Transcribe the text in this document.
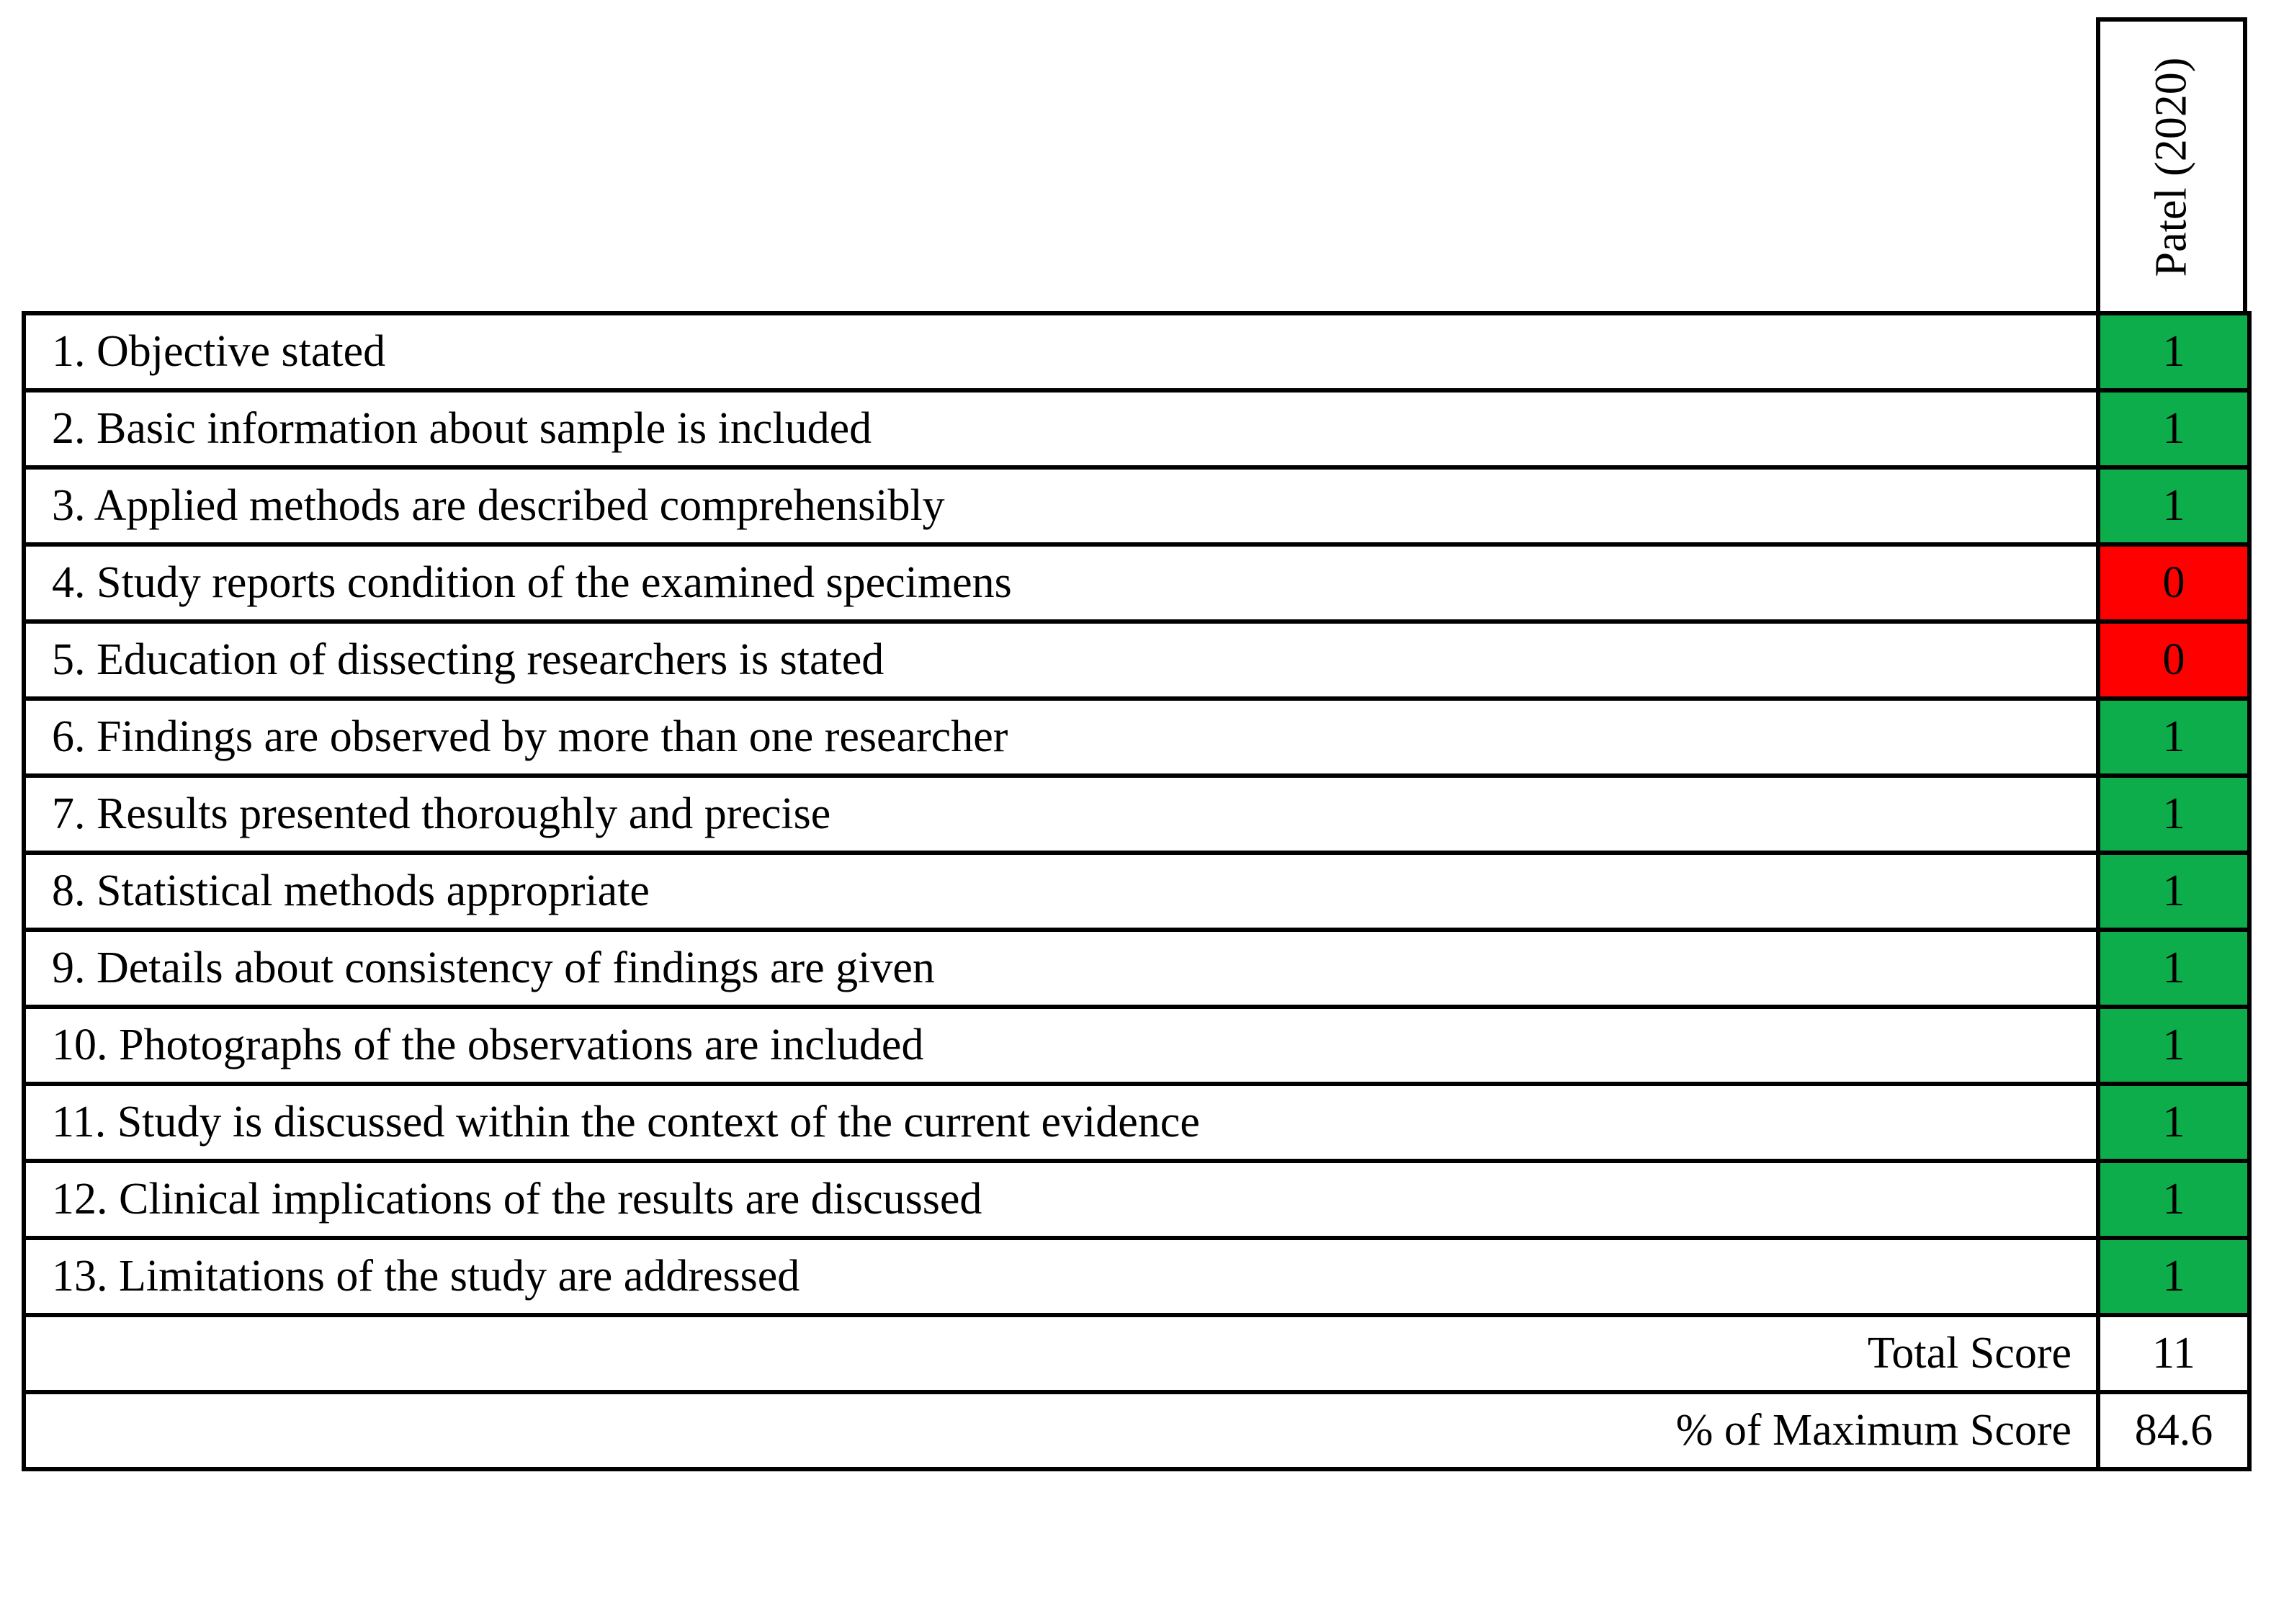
Patel (2020)
1. Objective stated	1
2. Basic information about sample is included	1
3. Applied methods are described comprehensibly	1
4. Study reports condition of the examined specimens	0
5. Education of dissecting researchers is stated	0
6. Findings are observed by more than one researcher	1
7. Results presented thoroughly and precise	1
8. Statistical methods appropriate	1
9. Details about consistency of findings are given	1
10. Photographs of the observations are included	1
11. Study is discussed within the context of the current evidence	1
12. Clinical implications of the results are discussed	1
13. Limitations of the study are addressed	1
Total Score	11
% of Maximum Score	84.6
